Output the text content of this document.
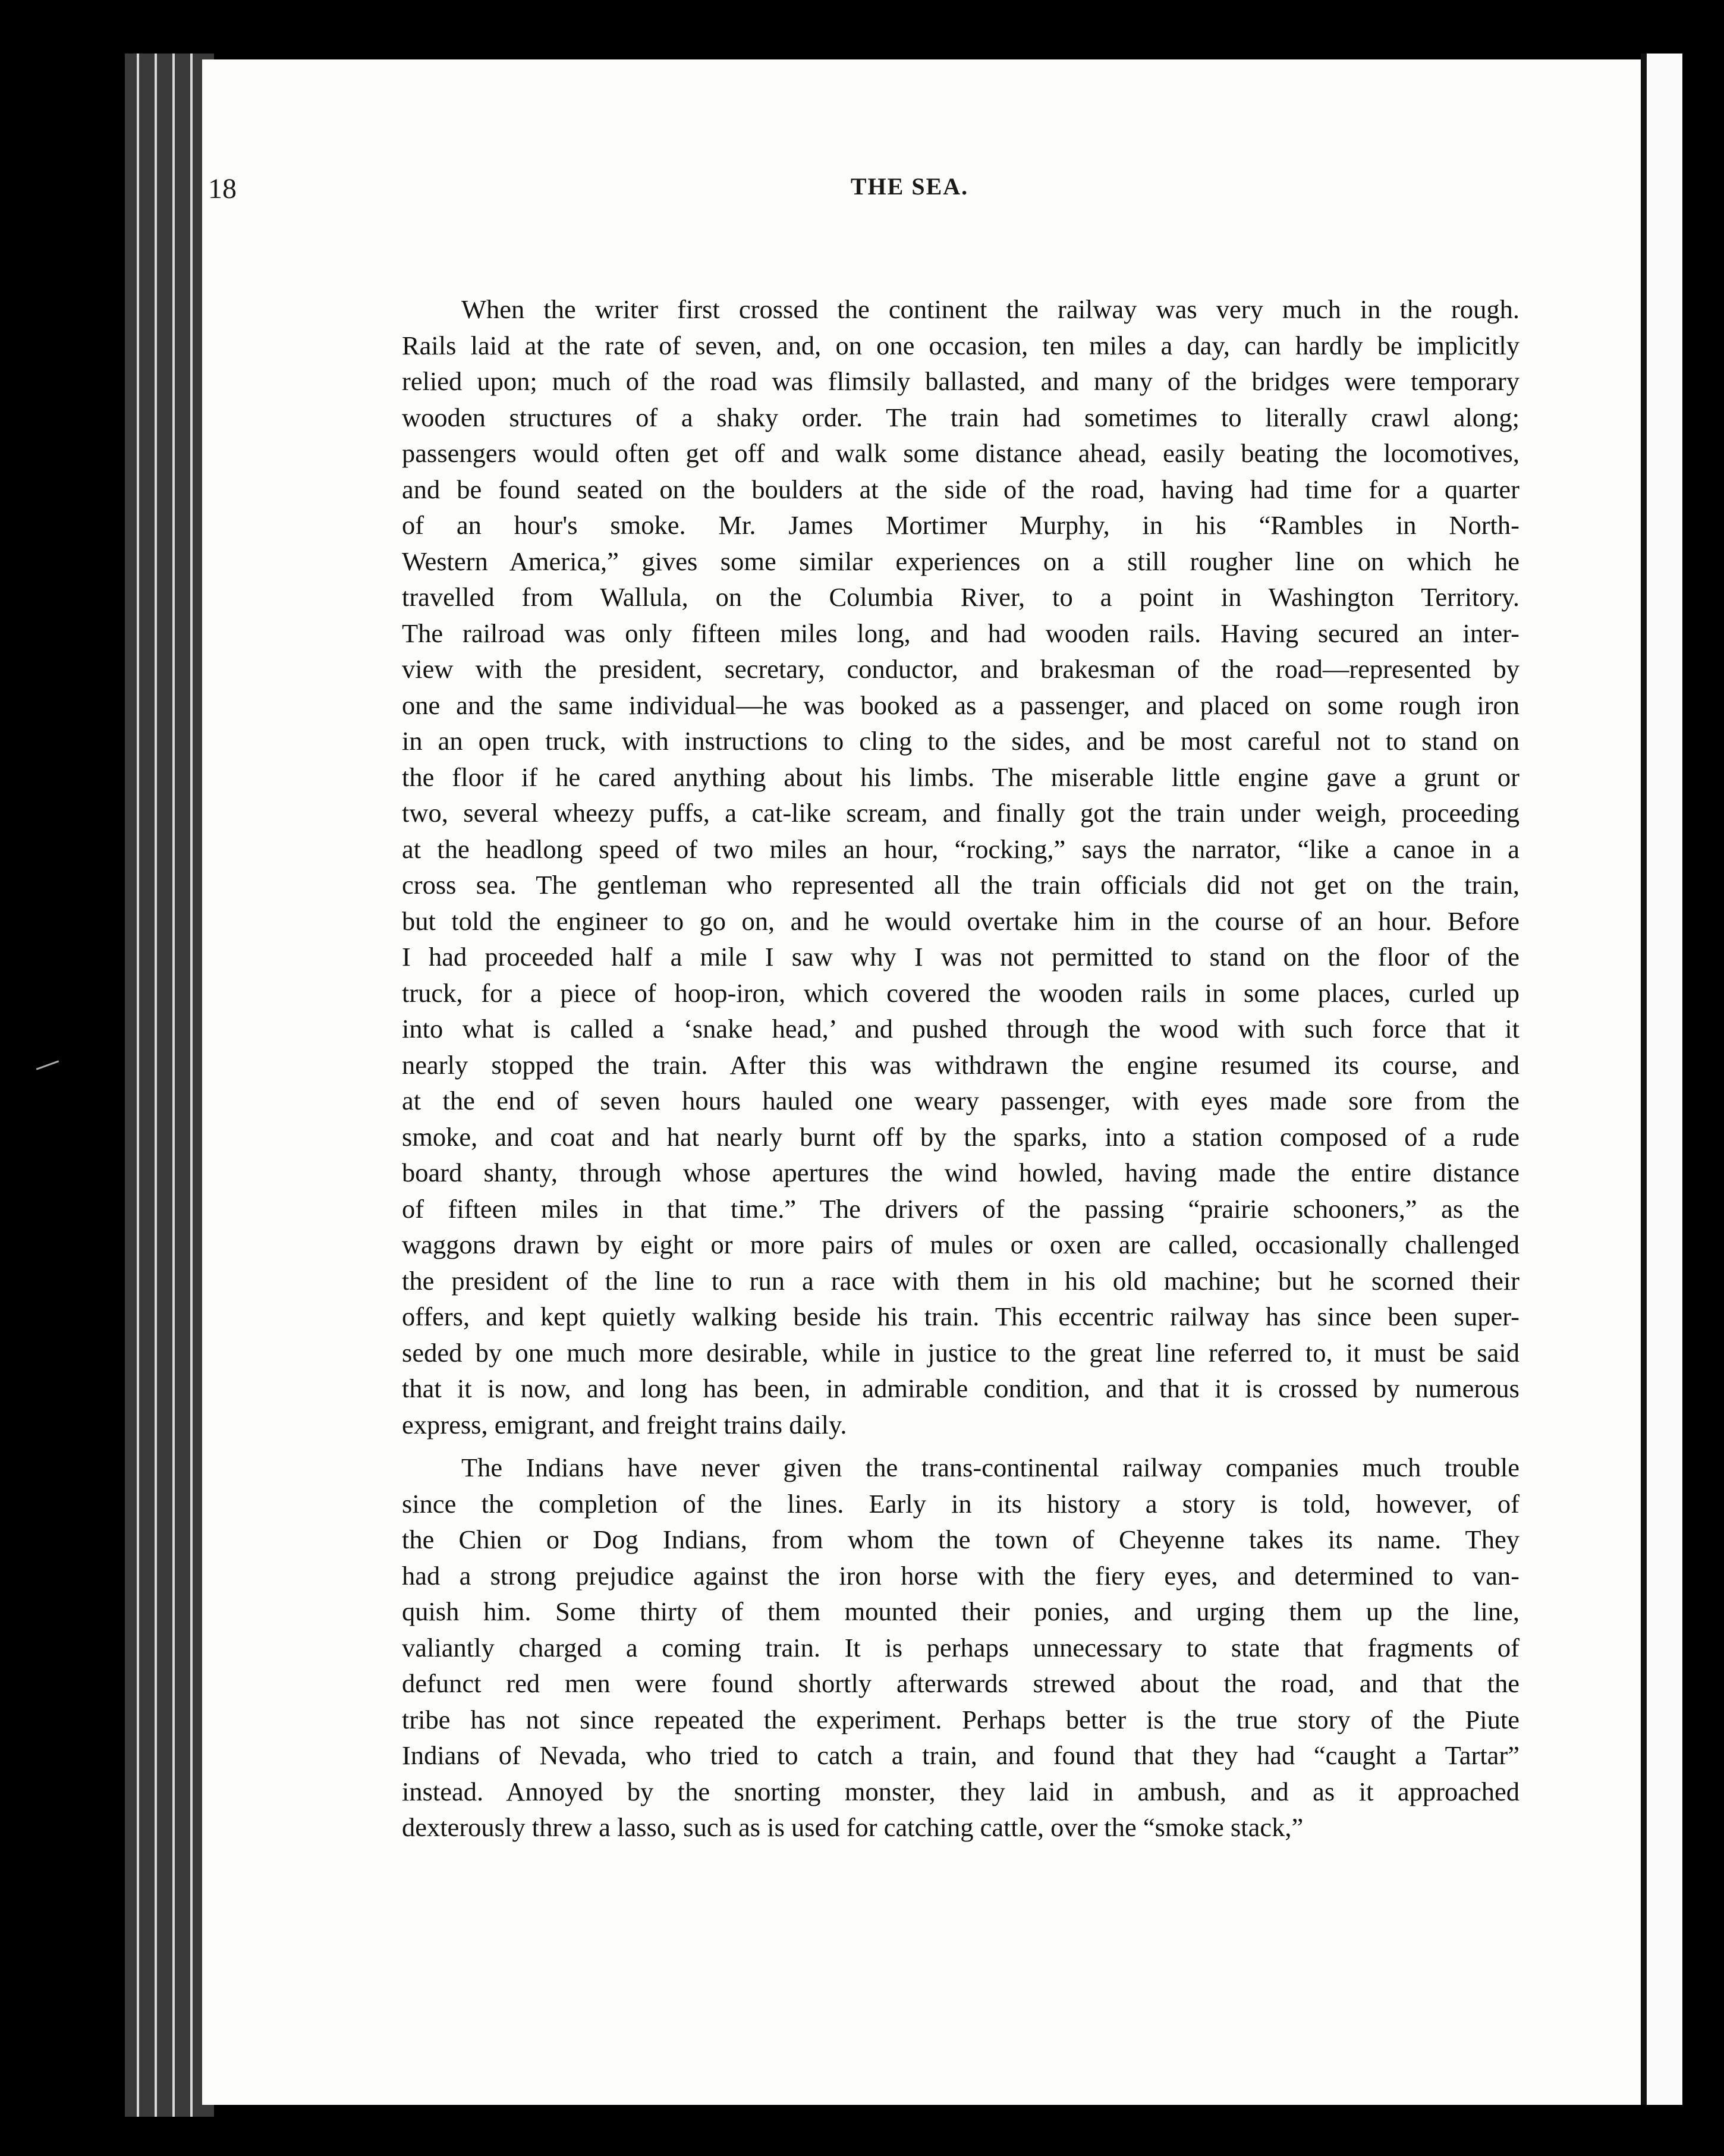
18	THE SEA.
When the writer first crossed the continent the railway was very much in the rough.
Rails laid at the rate of seven, and, on one occasion, ten miles a day, can hardly be implicitly
relied upon; much of the road was flimsily ballasted, and many of the bridges were temporary
wooden structures of a shaky order. The train had sometimes to literally crawl along;
passengers would often get off and walk some distance ahead, easily beating the locomotives,
and be found seated on the boulders at the side of the road, having had time for a quarter
of an hour's smoke. Mr. James Mortimer Murphy, in his “Rambles in North-
Western America,” gives some similar experiences on a still rougher line on which he
travelled from Wallula, on the Columbia River, to a point in Washington Territory.
The railroad was only fifteen miles long, and had wooden rails. Having secured an inter-
view with the president, secretary, conductor, and brakesman of the road—represented by
one and the same individual—he was booked as a passenger, and placed on some rough iron
in an open truck, with instructions to cling to the sides, and be most careful not to stand on
the floor if he cared anything about his limbs. The miserable little engine gave a grunt or
two, several wheezy puffs, a cat-like scream, and finally got the train under weigh, proceeding
at the headlong speed of two miles an hour, “rocking,” says the narrator, “like a canoe in a
cross sea. The gentleman who represented all the train officials did not get on the train,
but told the engineer to go on, and he would overtake him in the course of an hour. Before
I had proceeded half a mile I saw why I was not permitted to stand on the floor of the
truck, for a piece of hoop-iron, which covered the wooden rails in some places, curled up
into what is called a ‘snake head,’ and pushed through the wood with such force that it
nearly stopped the train. After this was withdrawn the engine resumed its course, and
at the end of seven hours hauled one weary passenger, with eyes made sore from the
smoke, and coat and hat nearly burnt off by the sparks, into a station composed of a rude
board shanty, through whose apertures the wind howled, having made the entire distance
of fifteen miles in that time.” The drivers of the passing “prairie schooners,” as the
waggons drawn by eight or more pairs of mules or oxen are called, occasionally challenged
the president of the line to run a race with them in his old machine; but he scorned their
offers, and kept quietly walking beside his train. This eccentric railway has since been super-
seded by one much more desirable, while in justice to the great line referred to, it must be said
that it is now, and long has been, in admirable condition, and that it is crossed by numerous
express, emigrant, and freight trains daily.
The Indians have never given the trans-continental railway companies much trouble
since the completion of the lines. Early in its history a story is told, however, of
the Chien or Dog Indians, from whom the town of Cheyenne takes its name. They
had a strong prejudice against the iron horse with the fiery eyes, and determined to van-
quish him. Some thirty of them mounted their ponies, and urging them up the line,
valiantly charged a coming train. It is perhaps unnecessary to state that fragments of
defunct red men were found shortly afterwards strewed about the road, and that the
tribe has not since repeated the experiment. Perhaps better is the true story of the Piute
Indians of Nevada, who tried to catch a train, and found that they had “caught a Tartar”
instead. Annoyed by the snorting monster, they laid in ambush, and as it approached
dexterously threw a lasso, such as is used for catching cattle, over the “smoke stack,”
